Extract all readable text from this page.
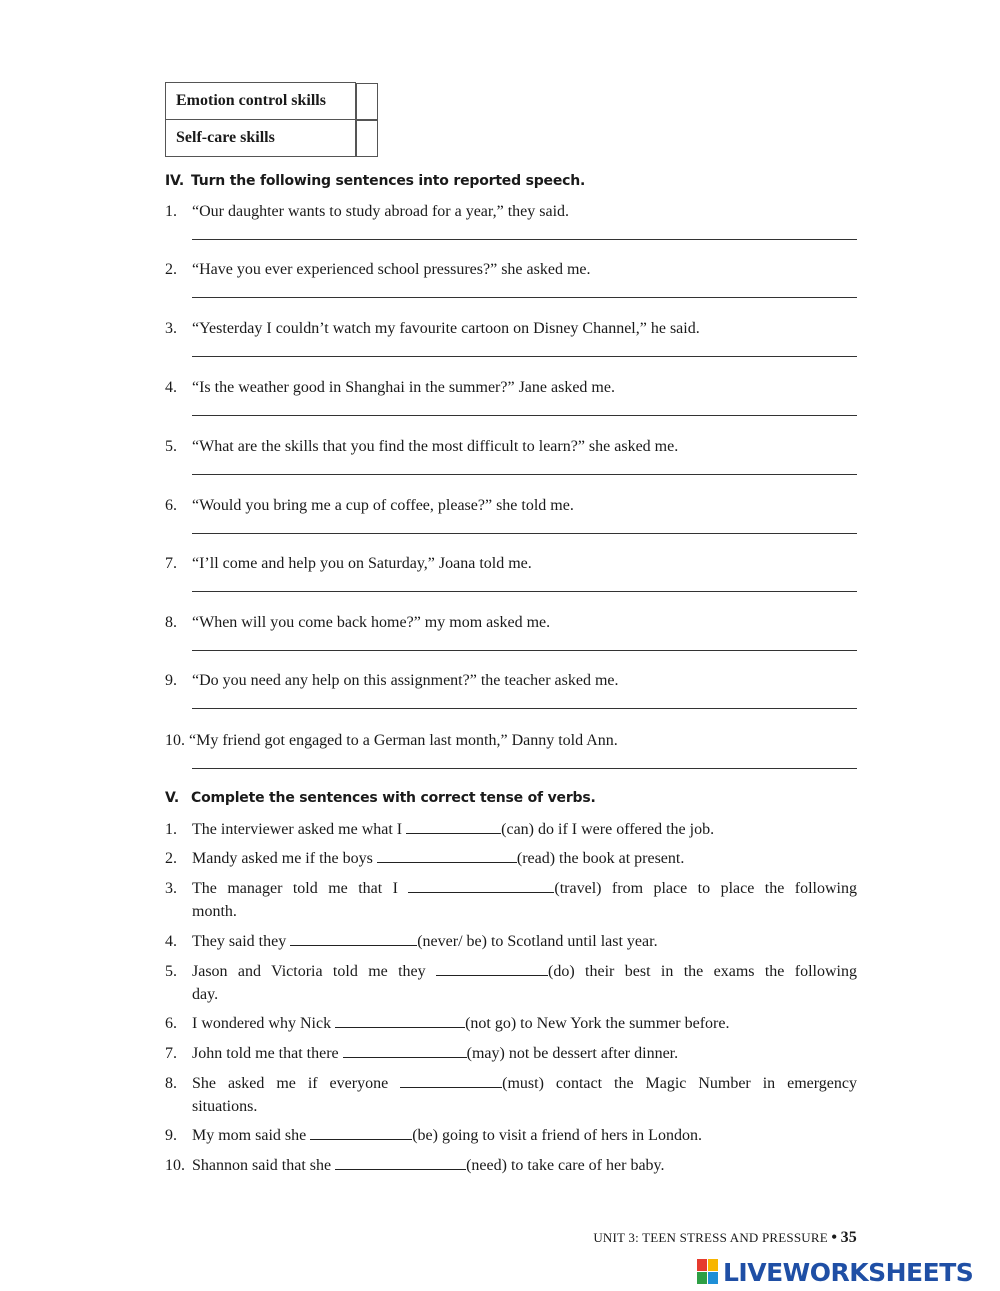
Emotion control skills	
Self-care skills	
IV. Turn the following sentences into reported speech.
1. “Our daughter wants to study abroad for a year,” they said.
2. “Have you ever experienced school pressures?” she asked me.
3. “Yesterday I couldn’t watch my favourite cartoon on Disney Channel,” he said.
4. “Is the weather good in Shanghai in the summer?” Jane asked me.
5. “What are the skills that you find the most difficult to learn?” she asked me.
6. “Would you bring me a cup of coffee, please?” she told me.
7. “I’ll come and help you on Saturday,” Joana told me.
8. “When will you come back home?” my mom asked me.
9. “Do you need any help on this assignment?” the teacher asked me.
10. “My friend got engaged to a German last month,” Danny told Ann.
V. Complete the sentences with correct tense of verbs.
1. The interviewer asked me what I	(can) do if I were offered the job.
2. Mandy asked me if the boys	(read) the book at present.
3. The manager told me that I	(travel) from place to place the following
month.
4. They said they	(never/ be) to Scotland until last year.
5. Jason and Victoria told me they	(do) their best in the exams the following
day.
6. I wondered why Nick	(not go) to New York the summer before.
7. John told me that there	(may) not be dessert after dinner.
8. She asked me if everyone	(must) contact the Magic Number in emergency
situations.
9. My mom said she	(be) going to visit a friend of hers in London.
10. Shannon said that she	(need) to take care of her baby.
UNIT 3: TEEN STRESS AND PRESSURE • 35
LIVEWORKSHEETS
